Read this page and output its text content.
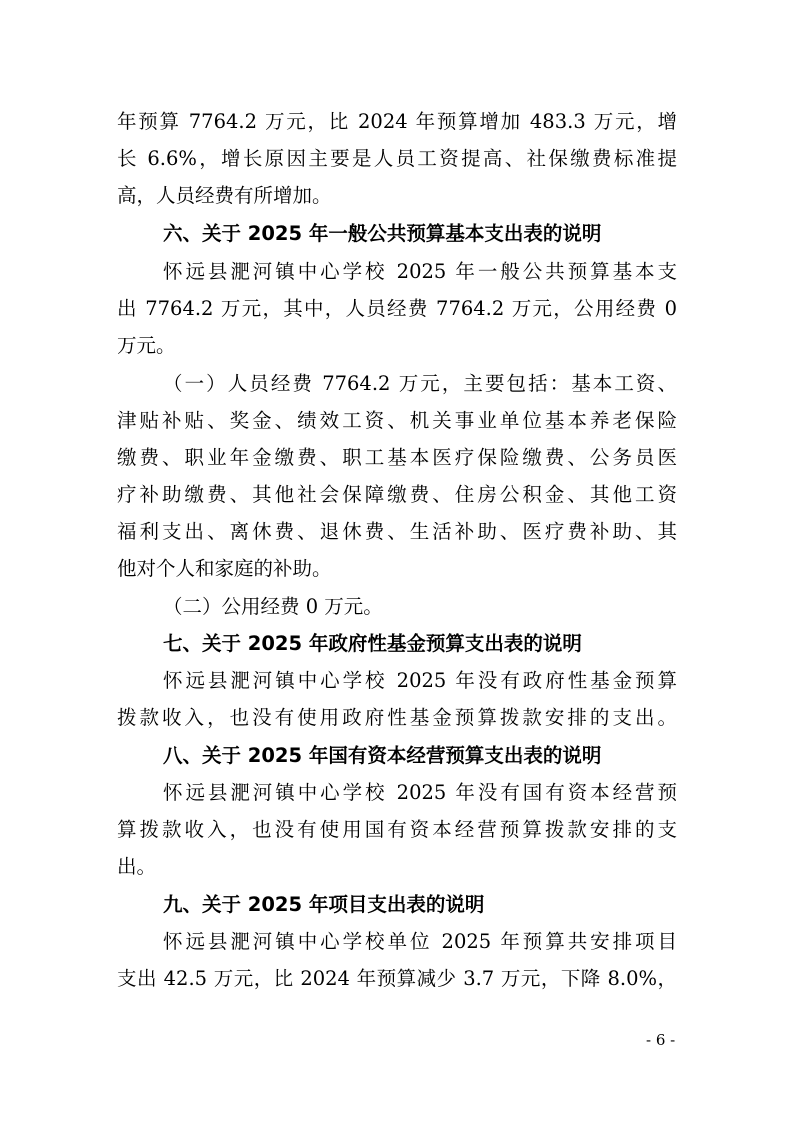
年预算 7764.2 万元，比 2024 年预算增加 483.3 万元，增
长 6.6%，增长原因主要是人员工资提高、社保缴费标准提
高，人员经费有所增加。
六、关于 2025 年一般公共预算基本支出表的说明
怀远县淝河镇中心学校 2025 年一般公共预算基本支
出 7764.2 万元，其中，人员经费 7764.2 万元，公用经费 0
万元。
（一）人员经费 7764.2 万元，主要包括：基本工资、
津贴补贴、奖金、绩效工资、机关事业单位基本养老保险
缴费、职业年金缴费、职工基本医疗保险缴费、公务员医
疗补助缴费、其他社会保障缴费、住房公积金、其他工资
福利支出、离休费、退休费、生活补助、医疗费补助、其
他对个人和家庭的补助。
（二）公用经费 0 万元。
七、关于 2025 年政府性基金预算支出表的说明
怀远县淝河镇中心学校 2025 年没有政府性基金预算
拨款收入，也没有使用政府性基金预算拨款安排的支出。
八、关于 2025 年国有资本经营预算支出表的说明
怀远县淝河镇中心学校 2025 年没有国有资本经营预
算拨款收入，也没有使用国有资本经营预算拨款安排的支
出。
九、关于 2025 年项目支出表的说明
怀远县淝河镇中心学校单位 2025 年预算共安排项目
支出 42.5 万元，比 2024 年预算减少 3.7 万元，下降 8.0%，
- 6 -
